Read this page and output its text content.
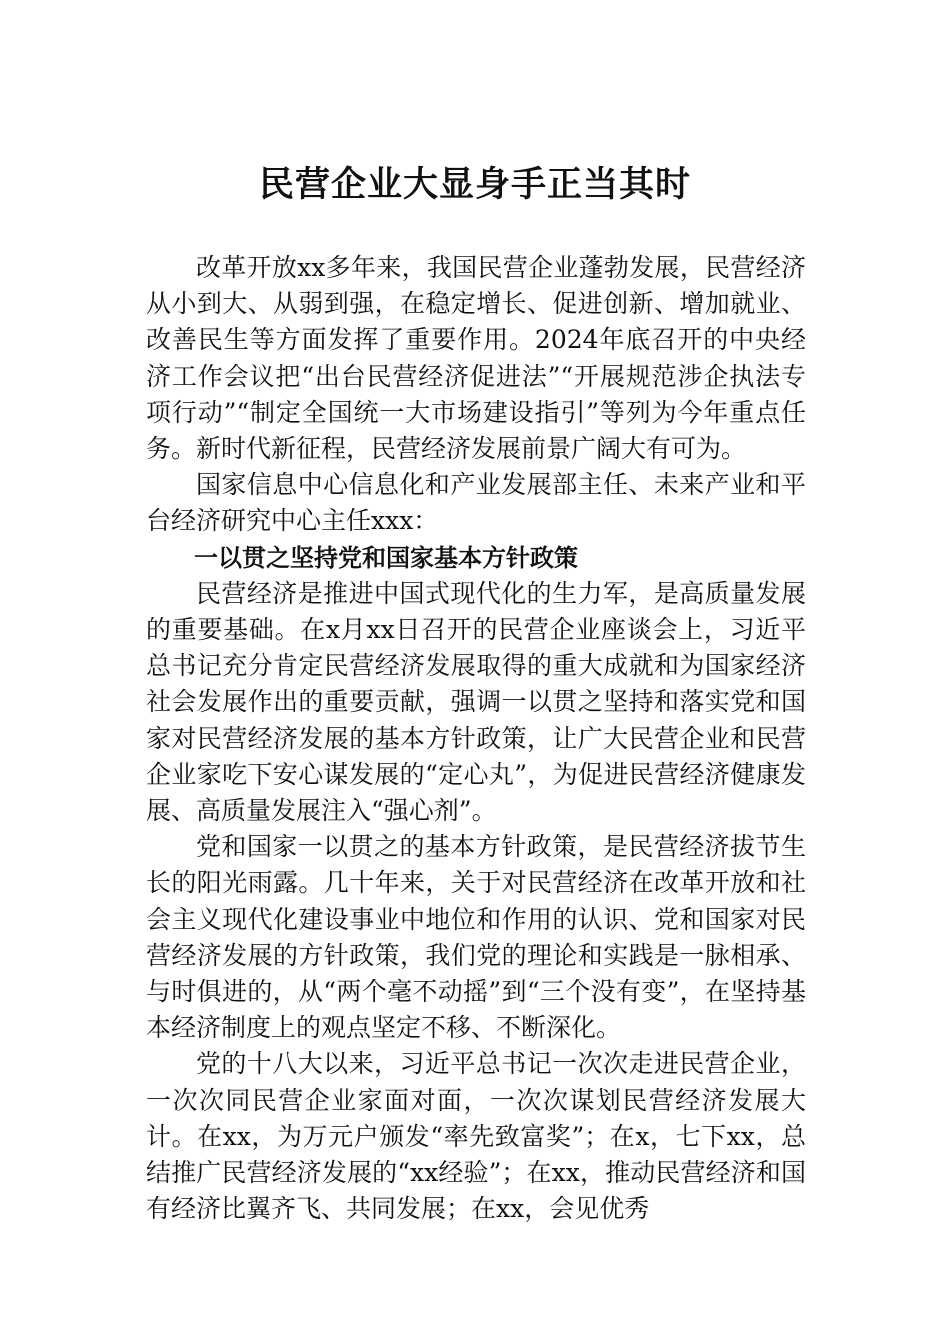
民营企业大显身手正当其时

改革开放xx多年来，我国民营企业蓬勃发展，民营经济从小到大、从弱到强，在稳定增长、促进创新、增加就业、改善民生等方面发挥了重要作用。2024年底召开的中央经济工作会议把“出台民营经济促进法”“开展规范涉企执法专项行动”“制定全国统一大市场建设指引”等列为今年重点任务。新时代新征程，民营经济发展前景广阔大有可为。

国家信息中心信息化和产业发展部主任、未来产业和平台经济研究中心主任xxx：

一以贯之坚持党和国家基本方针政策

民营经济是推进中国式现代化的生力军，是高质量发展的重要基础。在x月xx日召开的民营企业座谈会上，习近平总书记充分肯定民营经济发展取得的重大成就和为国家经济社会发展作出的重要贡献，强调一以贯之坚持和落实党和国家对民营经济发展的基本方针政策，让广大民营企业和民营企业家吃下安心谋发展的“定心丸”，为促进民营经济健康发展、高质量发展注入“强心剂”。

党和国家一以贯之的基本方针政策，是民营经济拔节生长的阳光雨露。几十年来，关于对民营经济在改革开放和社会主义现代化建设事业中地位和作用的认识、党和国家对民营经济发展的方针政策，我们党的理论和实践是一脉相承、与时俱进的，从“两个毫不动摇”到“三个没有变”，在坚持基本经济制度上的观点坚定不移、不断深化。

党的十八大以来，习近平总书记一次次走进民营企业，一次次同民营企业家面对面，一次次谋划民营经济发展大计。在xx，为万元户颁发“率先致富奖”；在x，七下xx，总结推广民营经济发展的“xx经验”；在xx，推动民营经济和国有经济比翼齐飞、共同发展；在xx，会见优秀
